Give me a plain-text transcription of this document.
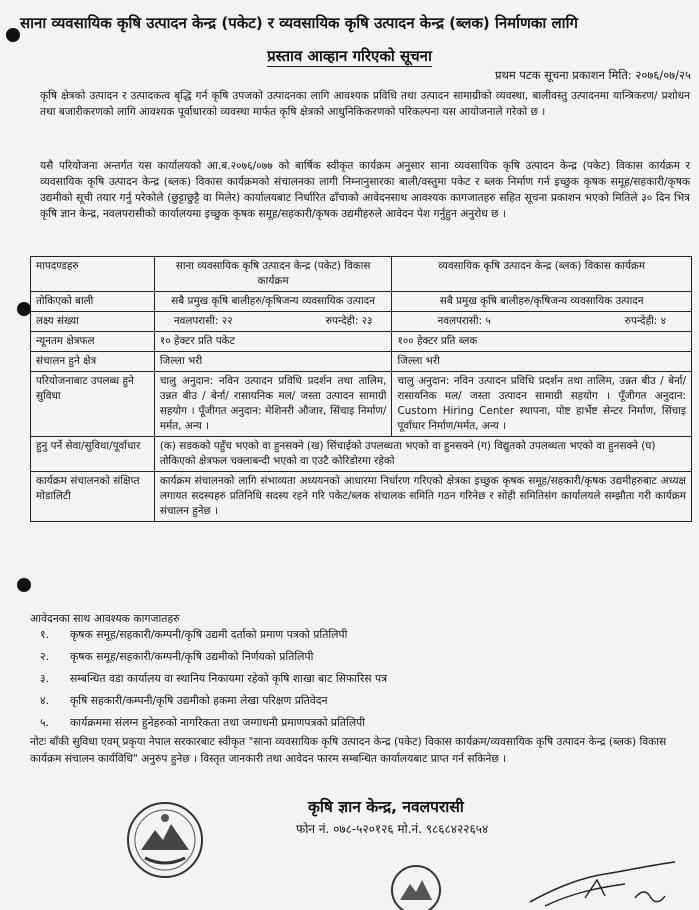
साना व्यवसायिक कृषि उत्पादन केन्द्र (पकेट) र व्यवसायिक कृषि उत्पादन केन्द्र (ब्लक) निर्माणका लागि
प्रस्ताव आव्हान गरिएको सूचना
प्रथम पटक सूचना प्रकाशन मिति: २०७६/०७/२५
कृषि क्षेत्रको उत्पादन र उत्पादकत्व बृद्धि गर्न कृषि उपजको उत्पादनका लागि आवश्यक प्रविधि तथा उत्पादन सामाग्रीको व्यवस्था, बालीवस्तु उत्पादनमा यान्त्रिकरण/ प्रशोधन तथा बजारीकरणको लागि आवश्यक पूर्वाधारको व्यवस्था मार्फत कृषि क्षेत्रको आधुनिकिकरणको परिकल्पना यस आयोजनाले गरेको छ ।
यसै परियोजना अन्तर्गत यस कार्यालयको आ.ब.२०७६/०७७ को बार्षिक स्वीकृत कार्यक्रम अनुसार साना व्यवसायिक कृषि उत्पादन केन्द्र (पकेट) विकास कार्यक्रम र व्यवसायिक कृषि उत्पादन केन्द्र (ब्लक) विकास कार्यक्रमको संचालनका लागी निम्नानुसारका बाली/वस्तुमा पकेट र ब्लक निर्माण गर्न इच्छुक कृषक समूह/सहकारी/कृषक उद्यमीको सूची तयार गर्नु परेकोले (छुट्टाछुट्टै वा मिलेर) कार्यालयबाट निर्धारित ढाँचाको आवेदनसाथ आवश्यक कागजातहरु सहित सूचना प्रकाशन भएको मितिले ३० दिन भित्र कृषि ज्ञान केन्द्र, नवलपरासीको कार्यालयमा इच्छुक कृषक समूह/सहकारी/कृषक उद्यमीहरुले आवेदन पेश गर्नुहुन अनुरोध छ ।
मापदण्डहरु	साना व्यवसायिक कृषि उत्पादन केन्द्र (पकेट) विकास कार्यक्रम	व्यवसायिक कृषि उत्पादन केन्द्र (ब्लक) विकास कार्यक्रम
तोकिएको बाली	सबै प्रमुख कृषि बालीहरु/कृषिजन्य व्यवसायिक उत्पादन	सबै प्रमुख कृषि बालीहरु/कृषिजन्य व्यवसायिक उत्पादन
लक्ष्य संख्या	नवलपरासी: २२ रुपन्देही: २३	नवलपरासी: ५ रुपन्देही: ४

न्यूनतम क्षेत्रफल	१० हेक्टर प्रति पकेट	१०० हेक्टर प्रति ब्लक
संचालन हुने क्षेत्र	जिल्ला भरी	जिल्ला भरी
परियोजनाबाट उपलब्ध हुने सुविधा	चालु अनुदान: नविन उत्पादन प्रविधि प्रदर्शन तथा तालिम, उन्नत बीउ / बेर्ना/ रासायनिक मल/ जस्ता उत्पादन सामाग्री सहयोग । पूँजीगत अनुदान: मेशिनरी औजार, सिंचाइ निर्माण/मर्मत, अन्य ।	चालु अनुदान: नविन उत्पादन प्रविधि प्रदर्शन तथा तालिम, उन्नत बीउ / बेर्ना/ रासायनिक मल/ जस्ता उत्पादन सामाग्री सहयोग । पूँजीगत अनुदान: Custom Hiring Center स्थापना, पोष्ट हार्भेष्ट सेन्टर निर्माण, सिंचाइ पूर्वाधार निर्माण/मर्मत, अन्य ।
हुनु पर्ने सेवा/सुविधा/पूर्वाधार	(क) सडकको पहुँच भएको वा हुनसक्ने (ख) सिंचाईको उपलब्धता भएको वा हुनसक्ने (ग) विद्युतको उपलब्धता भएको वा हुनसक्ने (घ) तोकिएको क्षेत्रफल चक्लाबन्दी भएको वा एउटै कोरिडोरमा रहेको	
कार्यक्रम संचालनको संक्षिप्त मोडालिटी	कार्यक्रम संचालनको लागि संभाव्यता अध्ययनको आधारमा निर्धारण गरिएको क्षेत्रका इच्छुक कृषक समूह/सहकारी/कृषक उद्यमीहरुबाट अध्यक्ष लगायत सदस्यहरु प्रतिनिधि सदस्य रहने गरि पकेट/ब्लक संचालक समिति गठन गरिनेछ र सोही समितिसंग कार्यालयले सम्झौता गरी कार्यक्रम संचालन हुनेछ ।	
आवेदनका साथ आवश्यक कागजातहरु
१. कृषक समूह/सहकारी/कम्पनी/कृषि उद्यमी दर्ताको प्रमाण पत्रको प्रतिलिपी
२. कृषक समूह/सहकारी/कम्पनी/कृषि उद्यमीको निर्णयको प्रतिलिपी
३. सम्बन्धित वडा कार्यालय वा स्थानिय निकायमा रहेको कृषि शाखा बाट सिफारिस पत्र
४. कृषि सहकारी/कम्पनी/कृषि उद्यमीको हकमा लेखा परिक्षण प्रतिवेदन
५. कार्यक्रममा संलग्न हुनेहरुको नागरिकता तथा जग्गाधनी प्रमाणपत्रको प्रतिलिपी
नोटः बाँकी सुविधा एवम् प्रकृया नेपाल सरकारबाट स्वीकृत "साना व्यवसायिक कृषि उत्पादन केन्द्र (पकेट) विकास कार्यक्रम/व्यवसायिक कृषि उत्पादन केन्द्र (ब्लक) विकास कार्यक्रम संचालन कार्यविधि" अनुरुप हुनेछ । विस्तृत जानकारी तथा आवेदन फारम सम्बन्धित कार्यालयबाट प्राप्त गर्न सकिनेछ ।
कृषि ज्ञान केन्द्र, नवलपरासी
फोन नं. ०७८-५२०१२६ मो.नं. ९८६८४२२६५४
